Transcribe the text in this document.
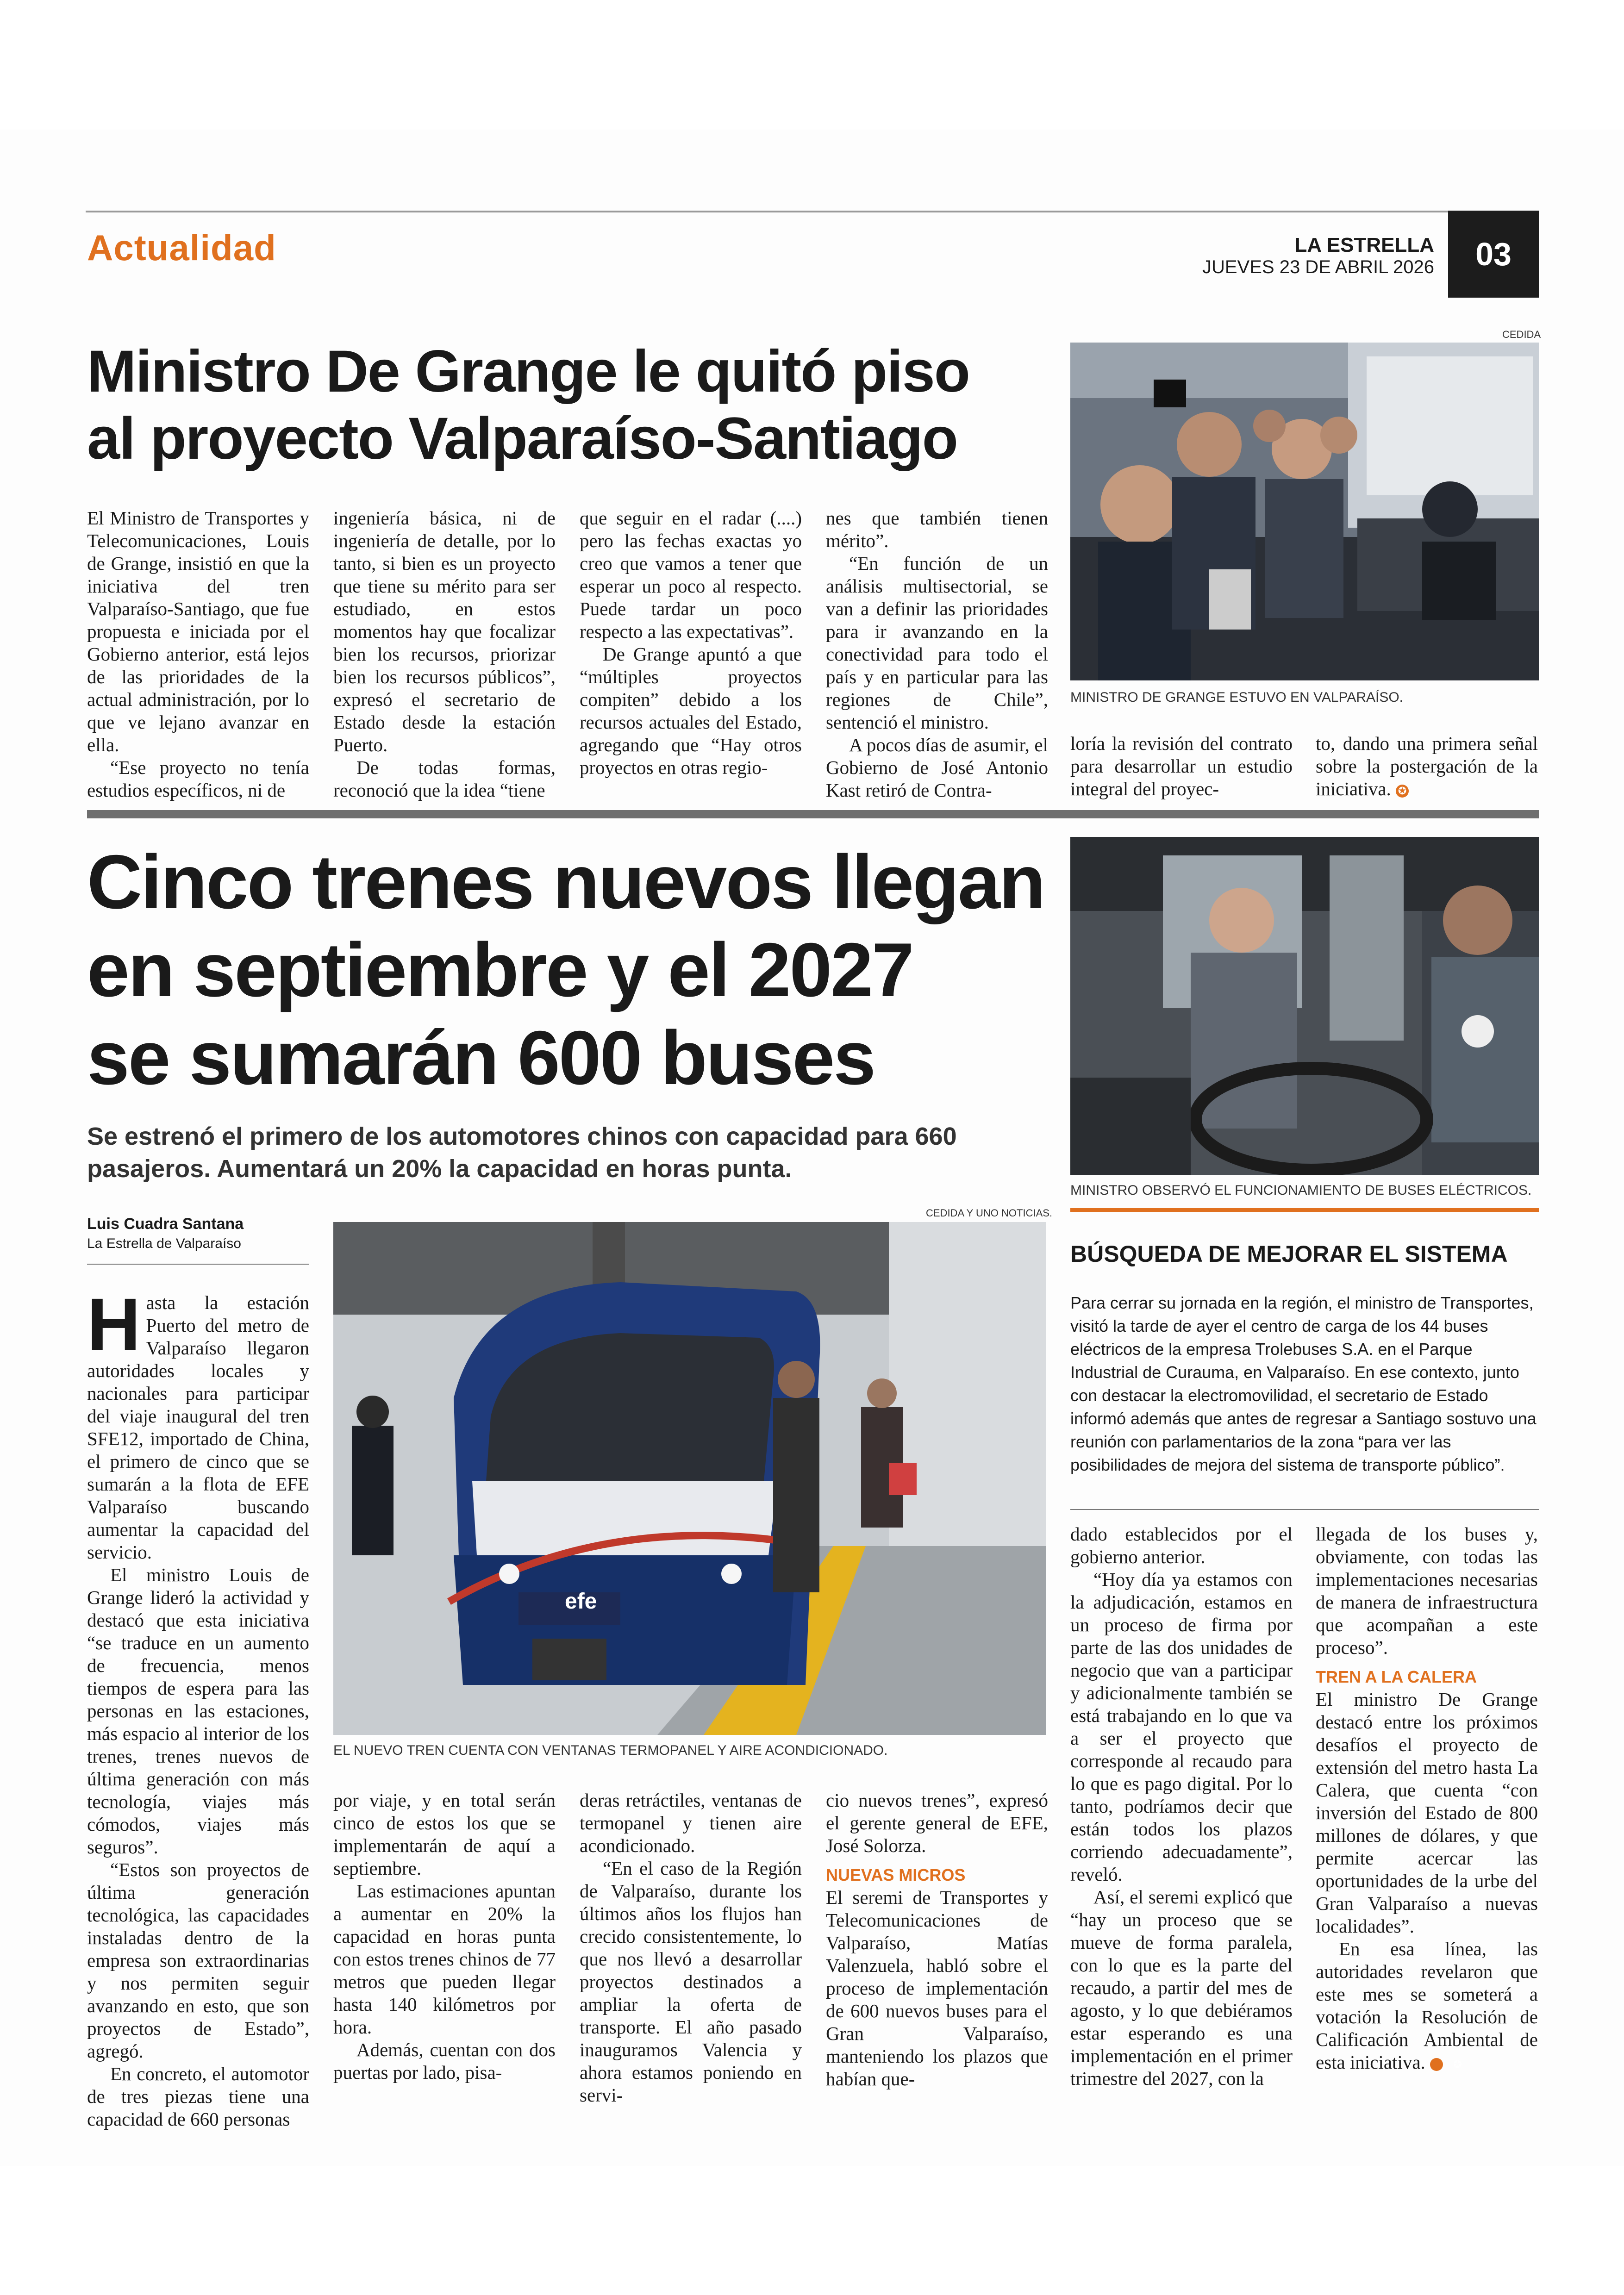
Actualidad	LA ESTRELLA
JUEVES 23 DE ABRIL 2026	03
Ministro De Grange le quitó piso
al proyecto Valparaíso-Santiago
CEDIDA
MINISTRO DE GRANGE ESTUVO EN VALPARAÍSO.

El Ministro de Transportes y Telecomunicaciones, Louis de Grange, insistió en que la iniciativa del tren Valparaíso-Santiago, que fue propuesta e iniciada por el Gobierno anterior, está lejos de las prioridades de la actual administración, por lo que ve lejano avanzar en ella.

“Ese proyecto no tenía estudios específicos, ni de

ingeniería básica, ni de ingeniería de detalle, por lo tanto, si bien es un proyecto que tiene su mérito para ser estudiado, en estos momentos hay que focalizar bien los recursos, priorizar bien los recursos públicos”, expresó el secretario de Estado desde la estación Puerto.

De todas formas, reconoció que la idea “tiene

que seguir en el radar (....) pero las fechas exactas yo creo que vamos a tener que esperar un poco al respecto. Puede tardar un poco respecto a las expectativas”.

De Grange apuntó a que “múltiples proyectos compiten” debido a los recursos actuales del Estado, agregando que “Hay otros proyectos en otras regio-

nes que también tienen mérito”.

“En función de un análisis multisectorial, se van a definir las prioridades para ir avanzando en la conectividad para todo el país y en particular para las regiones de Chile”, sentenció el ministro.

A pocos días de asumir, el Gobierno de José Antonio Kast retiró de Contra-

loría la revisión del contrato para desarrollar un estudio integral del proyec-

to, dando una primera señal sobre la postergación de la iniciativa. ✪

Cinco trenes nuevos llegan
en septiembre y el 2027
se sumarán 600 buses
Se estrenó el primero de los automotores chinos con capacidad para 660 pasajeros. Aumentará un 20% la capacidad en horas punta.
Luis Cuadra Santana
La Estrella de Valparaíso
MINISTRO OBSERVÓ EL FUNCIONAMIENTO DE BUSES ELÉCTRICOS.
BÚSQUEDA DE MEJORAR EL SISTEMA
Para cerrar su jornada en la región, el ministro de Transportes, visitó la tarde de ayer el centro de carga de los 44 buses eléctricos de la empresa Trolebuses S.A. en el Parque Industrial de Curauma, en Valparaíso. En ese contexto, junto con destacar la electromovilidad, el secretario de Estado informó además que antes de regresar a Santiago sostuvo una reunión con parlamentarios de la zona “para ver las posibilidades de mejora del sistema de transporte público”.
CEDIDA Y UNO NOTICIAS.
efe
EL NUEVO TREN CUENTA CON VENTANAS TERMOPANEL Y AIRE ACONDICIONADO.

Hasta la estación Puerto del metro de Valparaíso llegaron autoridades locales y nacionales para participar del viaje inaugural del tren SFE12, importado de China, el primero de cinco que se sumarán a la flota de EFE Valparaíso buscando aumentar la capacidad del servicio.

El ministro Louis de Grange lideró la actividad y destacó que esta iniciativa “se traduce en un aumento de frecuencia, menos tiempos de espera para las personas en las estaciones, más espacio al interior de los trenes, trenes nuevos de última generación con más tecnología, viajes más cómodos, viajes más seguros”.

“Estos son proyectos de última generación tecnológica, las capacidades instaladas dentro de la empresa son extraordinarias y nos permiten seguir avanzando en esto, que son proyectos de Estado”, agregó.

En concreto, el automotor de tres piezas tiene una capacidad de 660 personas

por viaje, y en total serán cinco de estos los que se implementarán de aquí a septiembre.

Las estimaciones apuntan a aumentar en 20% la capacidad en horas punta con estos trenes chinos de 77 metros que pueden llegar hasta 140 kilómetros por hora.

Además, cuentan con dos puertas por lado, pisa-

deras retráctiles, ventanas de termopanel y tienen aire acondicionado.

“En el caso de la Región de Valparaíso, durante los últimos años los flujos han crecido consistentemente, lo que nos llevó a desarrollar proyectos destinados a ampliar la oferta de transporte. El año pasado inauguramos Valencia y ahora estamos poniendo en servi-

cio nuevos trenes”, expresó el gerente general de EFE, José Solorza.

NUEVAS MICROS

El seremi de Transportes y Telecomunicaciones de Valparaíso, Matías Valenzuela, habló sobre el proceso de implementación de 600 nuevos buses para el Gran Valparaíso, manteniendo los plazos que habían que-

dado establecidos por el gobierno anterior.

“Hoy día ya estamos con la adjudicación, estamos en un proceso de firma por parte de las dos unidades de negocio que van a participar y adicionalmente también se está trabajando en lo que va a ser el proyecto que corresponde al recaudo para lo que es pago digital. Por lo tanto, podríamos decir que están todos los plazos corriendo adecuadamente”, reveló.

Así, el seremi explicó que “hay un proceso que se mueve de forma paralela, con lo que es la parte del recaudo, a partir del mes de agosto, y lo que debiéramos estar esperando es una implementación en el primer trimestre del 2027, con la

llegada de los buses y, obviamente, con todas las implementaciones necesarias de manera de infraestructura que acompañan a este proceso”.

TREN A LA CALERA

El ministro De Grange destacó entre los próximos desafíos el proyecto de extensión del metro hasta La Calera, que cuenta “con inversión del Estado de 800 millones de dólares, y que permite acercar las oportunidades de la urbe del Gran Valparaíso a nuevas localidades”.

En esa línea, las autoridades revelaron que este mes se someterá a votación la Resolución de Calificación Ambiental de esta iniciativa.	✪
